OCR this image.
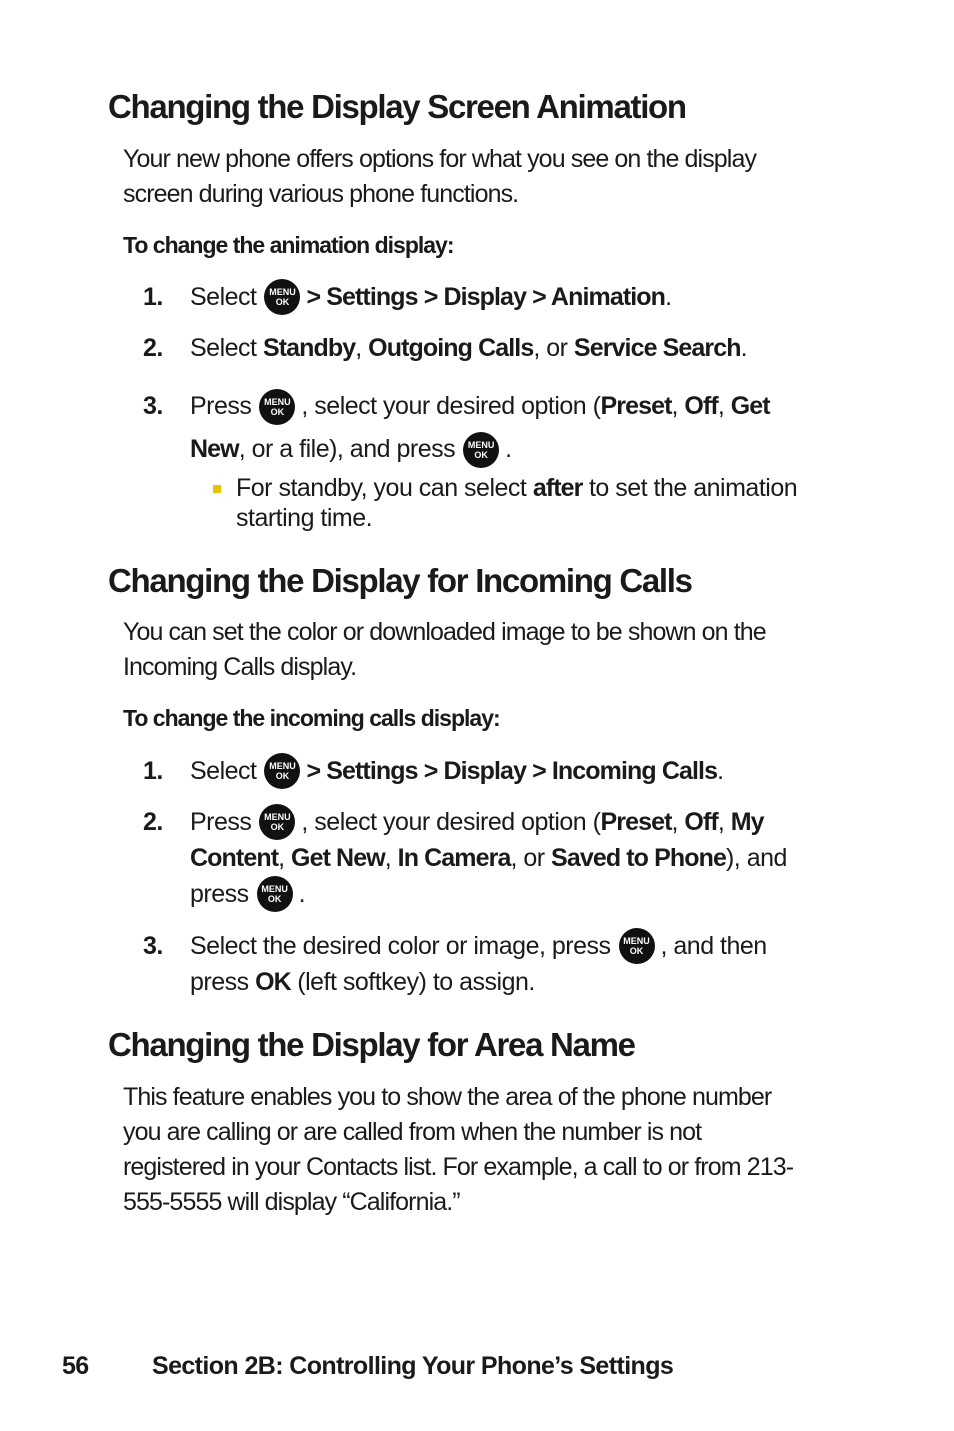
Changing the Display Screen Animation
Your new phone offers options for what you see on the display
screen during various phone functions.
To change the animation display:
1. Select MENU
OK > Settings > Display > Animation .
2. Select
Standby ,
Outgoing Calls , or
Service Search .
3. Press MENU
OK , select your desired option ( Preset ,
Off ,
Get
New , or a file), and press MENU
OK .
For standby, you can select after to set the animation
starting time.
Changing the Display for Incoming Calls
You can set the color or downloaded image to be shown on the
Incoming Calls display.
To change the incoming calls display:
1. Select MENU
OK > Settings > Display > Incoming Calls .
2. Press MENU
OK , select your desired option ( Preset ,
Off ,
My
Content ,
Get New ,
In Camera , or
Saved to Phone ), and
press MENU
OK .
3. Select the desired color or image, press MENU
OK , and then
press
OK
(left softkey) to assign.
Changing the Display for Area Name
This feature enables you to show the area of the phone number
you are calling or are called from when the number is not
registered in your Contacts list. For example, a call to or from 213-
555-5555 will display “California.”
56	Section 2B: Controlling Your Phone’s Settings
